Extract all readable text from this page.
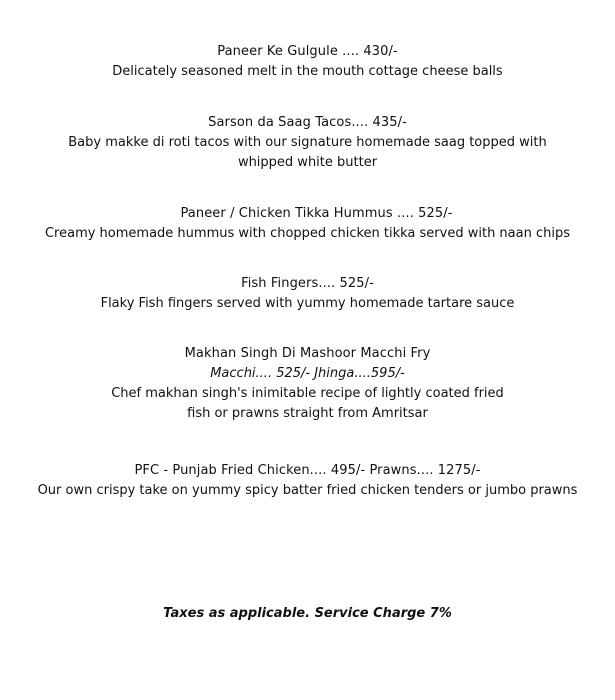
Paneer Ke Gulgule .... 430/-
Delicately seasoned melt in the mouth cottage cheese balls
Sarson da Saag Tacos.... 435/-
Baby makke di roti tacos with our signature homemade saag topped with
whipped white butter
Paneer / Chicken Tikka Hummus .... 525/-
Creamy homemade hummus with chopped chicken tikka served with naan chips
Fish Fingers.... 525/-
Flaky Fish fingers served with yummy homemade tartare sauce
Makhan Singh Di Mashoor Macchi Fry
Macchi.... 525/- Jhinga....595/-
Chef makhan singh's inimitable recipe of lightly coated fried
fish or prawns straight from Amritsar
PFC - Punjab Fried Chicken.... 495/- Prawns.... 1275/-
Our own crispy take on yummy spicy batter fried chicken tenders or jumbo prawns
Taxes as applicable. Service Charge 7%
